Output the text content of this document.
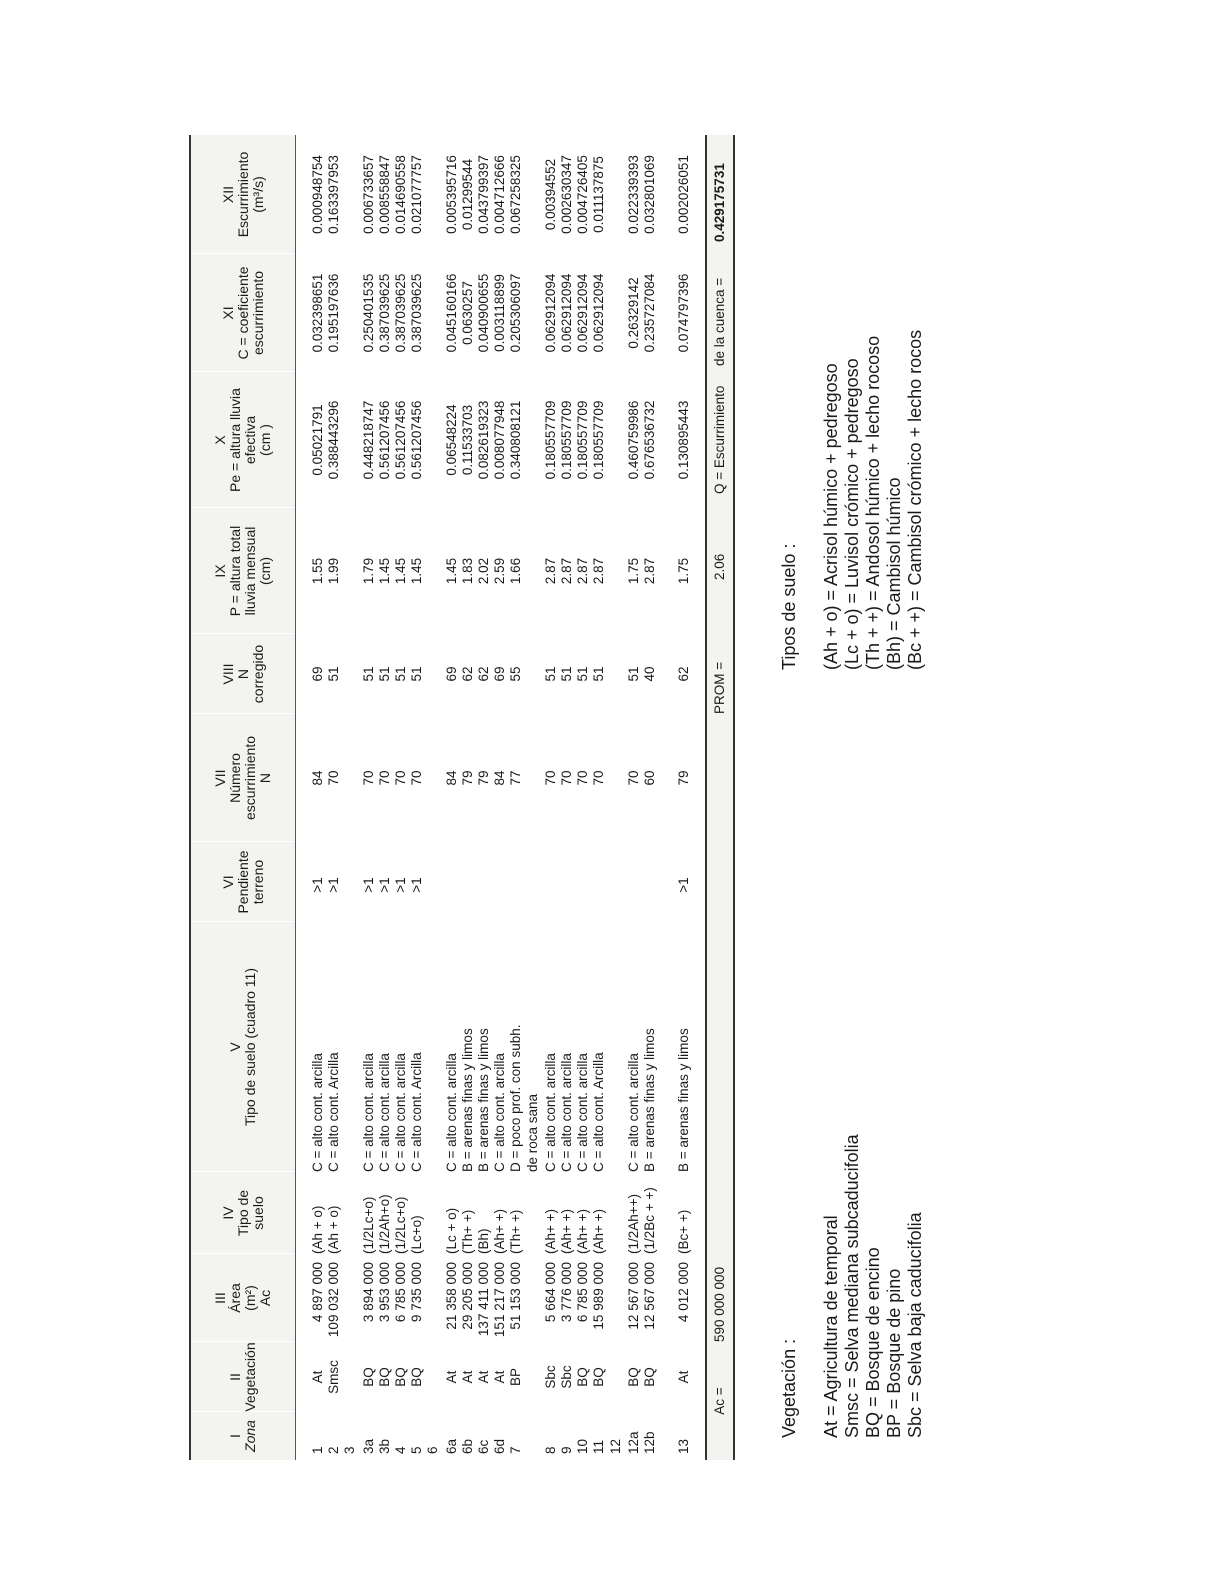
I Zona
II Vegetación
III Área (m²) Ac
IV Tipo de suelo
V Tipo de suelo (cuadro 11)
VI Pendiente terreno
VII Número escurrimiento N
VIII N corregido
IX P = altura total lluvia mensual (cm)
X Pe = altura lluvia efectiva (cm )
XI C = coeficiente escurrimiento
XII Escurrimiento (m³/s)
1
At
4 897 000
(Ah + o)
C = alto cont. arcilla
>1
84
69
1.55
0.05021791
0.032398651
0.000948754
2
Smsc
109 032 000
(Ah + o)
C = alto cont. Arcilla
>1
70
51
1.99
0.388443296
0.195197636
0.163397953
3 3a
BQ
3 894 000
(1/2Lc+o)
C = alto cont. arcilla
>1
70
51
1.79
0.448218747
0.250401535
0.006733657
3b
BQ
3 953 000
(1/2Ah+o)
C = alto cont. arcilla
>1
70
51
1.45
0.561207456
0.387039625
0.008558847
4
BQ
6 785 000
(1/2Lc+o)
C = alto cont. arcilla
>1
70
51
1.45
0.561207456
0.387039625
0.014690558
5
BQ
9 735 000
(Lc+o)
C = alto cont. Arcilla
>1
70
51
1.45
0.561207456
0.387039625
0.021077757
6 6a
At
21 358 000
(Lc + o)
C = alto cont. arcilla
84
69
1.45
0.06548224
0.045160166
0.005395716
6b
At
29 205 000
(Th+ +)
B = arenas finas y limos
79
62
1.83
0.11533703
0.0630257
0.01299544
6c
At
137 411 000
(Bh)
B = arenas finas y limos
79
62
2.02
0.082619323
0.040900655
0.043799397
6d
At
151 217 000
(Ah+ +)
C = alto cont. arcilla
84
69
2.59
0.008077948
0.003118899
0.004712666
7
BP
51 153 000
(Th+ +)
D = poco prof. con subh.
77
55
1.66
0.340808121
0.205306097
0.067258325
de roca sana
8
Sbc
5 664 000
(Ah+ +)
C = alto cont. arcilla
70
51
2.87
0.180557709
0.062912094
0.00394552
9
Sbc
3 776 000
(Ah+ +)
C = alto cont. arcilla
70
51
2.87
0.180557709
0.062912094
0.002630347
10
BQ
6 785 000
(Ah+ +)
C = alto cont. arcilla
70
51
2.87
0.180557709
0.062912094
0.004726405
11
BQ
15 989 000
(Ah+ +)
C = alto cont. Arcilla
70
51
2.87
0.180557709
0.062912094
0.011137875
12 12a
BQ
12 567 000
(1/2Ah++)
C = alto cont. arcilla
70
51
1.75
0.460759986
0.26329142
0.022339393
12b
BQ
12 567 000
(1/2Bc + +)
B = arenas finas y limos
60
40
2.87
0.676536732
0.235727084
0.032801069
13
At
4 012 000
(Bc+ +)
B = arenas finas y limos
>1
79
62
1.75
0.130895443
0.074797396
0.002026051
Ac =
590 000 000
PROM =
2.06
Q = Escurrimiento
de la cuenca =
0.429175731
Vegetación : At = Agricultura de temporal Smsc = Selva mediana subcaducifolia BQ = Bosque de encino BP = Bosque de pino Sbc = Selva baja caducifolia
Tipos de suelo : (Ah + o) = Acrisol húmico + pedregoso (Lc + o) = Luvisol crómico + pedregoso (Th + +) = Andosol húmico + lecho rocoso (Bh) = Cambisol húmico (Bc + +) = Cambisol crómico + lecho rocos
